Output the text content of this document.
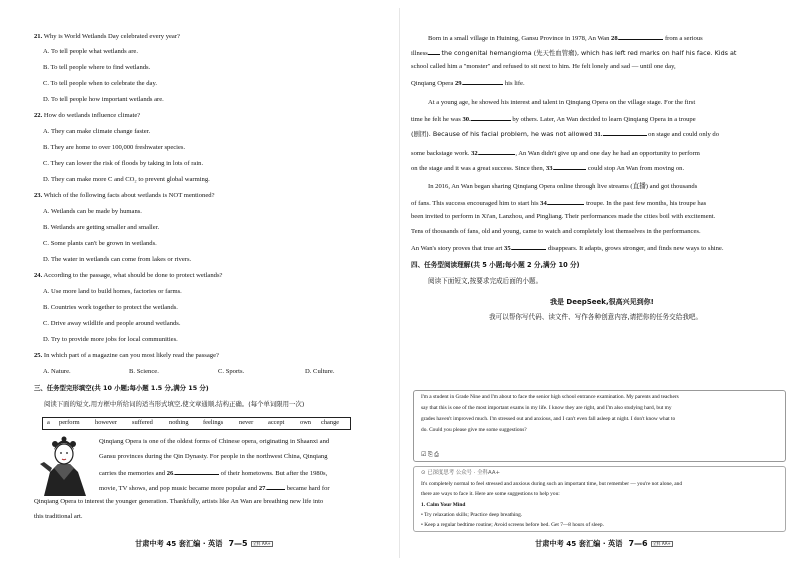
21. Why is World Wetlands Day celebrated every year?
A. To tell people what wetlands are.
B. To tell people where to find wetlands.
C. To tell people when to celebrate the day.
D. To tell people how important wetlands are.
22. How do wetlands influence climate?
A. They can make climate change faster.
B. They are home to over 100,000 freshwater species.
C. They can lower the risk of floods by taking in lots of rain.
D. They can make more C and CO₂ to prevent global warming.
23. Which of the following facts about wetlands is NOT mentioned?
A. Wetlands can be made by humans.
B. Wetlands are getting smaller and smaller.
C. Some plants can't be grown in wetlands.
D. The water in wetlands can come from lakes or rivers.
24. According to the passage, what should be done to protect wetlands?
A. Use more land to build homes, factories or farms.
B. Countries work together to protect the wetlands.
C. Drive away wildlife and people around wetlands.
D. Try to provide more jobs for local communities.
25. In which part of a magazine can you most likely read the passage?
A. Nature.	B. Science.	C. Sports.	D. Culture.
三、任务型完形填空(共 10 小题;每小题 1.5 分,满分 15 分)
阅读下面的短文,用方框中所给词的适当形式填空,使文章通顺,结构正确。(每个单词限用一次)
a perform however suffered	nothing feelings never accept own change
Qinqiang Opera is one of the oldest forms of Chinese opera, originating in Shaanxi and
Gansu provinces during the Qin Dynasty. For people in the northwest China, Qinqiang
carries the memories and 26.	of their hometowns. But after the 1980s,
movie, TV shows, and pop music became more popular and 27.	became hard for
Qinqiang Opera to interest the younger generation. Thankfully, artists like An Wan are breathing new life into
this traditional art.
甘肃中考 45 套汇编 · 英语 7—5 全科 AA+
Born in a small village in Huining, Gansu Province in 1978, An Wan 28.	from a serious
illness the congenital hemangioma (先天性血管瘤), which has left red marks on half his face. Kids at
school called him a "monster" and refused to sit next to him. He felt lonely and sad — until one day,
Qinqiang Opera 29.	his life.
At a young age, he showed his interest and talent in Qinqiang Opera on the village stage. For the first
time he felt he was 30.	by others. Later, An Wan decided to learn Qinqiang Opera in a troupe
(剧团). Because of his facial problem, he was not allowed 31.	on stage and could only do
some backstage work. 32.	, An Wan didn't give up and one day he had an opportunity to perform
on the stage and it was a great success. Since then, 33.	could stop An Wan from moving on.
In 2016, An Wan began sharing Qinqiang Opera online through live streams (直播) and got thousands
of fans. This success encouraged him to start his 34.	troupe. In the past few months, his troupe has
been invited to perform in Xi'an, Lanzhou, and Pingliang. Their performances made the cities boil with excitement.
Tens of thousands of fans, old and young, came to watch and completely lost themselves in the performances.
An Wan's story proves that true art 35.	disappears. It adapts, grows stronger, and finds new ways to shine.
四、任务型阅读理解(共 5 小题;每小题 2 分,满分 10 分)
阅读下面短文,按要求完成后面的小题。
我是 DeepSeek,很高兴见到你!
我可以帮你写代码、读文件、写作各种创意内容,请把你的任务交给我吧。

I'm a student in Grade Nine and I'm about to face the senior high school entrance examination. My parents and teachers

say that this is one of the most important exams in my life. I know they are right, and I'm also studying hard, but my

grades haven't improved much. I'm stressed out and anxious, and I can't even fall asleep at night. I don't know what to

do. Could you please give me some suggestions?

☑ ⎘ ⎙
⊙ 已深度思考 公众号 · 全科AA+
It's completely normal to feel stressed and anxious during such an important time, but remember — you're not alone, and
there are ways to face it. Here are some suggestions to help you:
1. Calm Your Mind
• Try relaxation skills; Practice deep breathing.
• Keep a regular bedtime routine; Avoid screens before bed. Get 7—8 hours of sleep.
甘肃中考 45 套汇编 · 英语 7—6 全科 AA+
